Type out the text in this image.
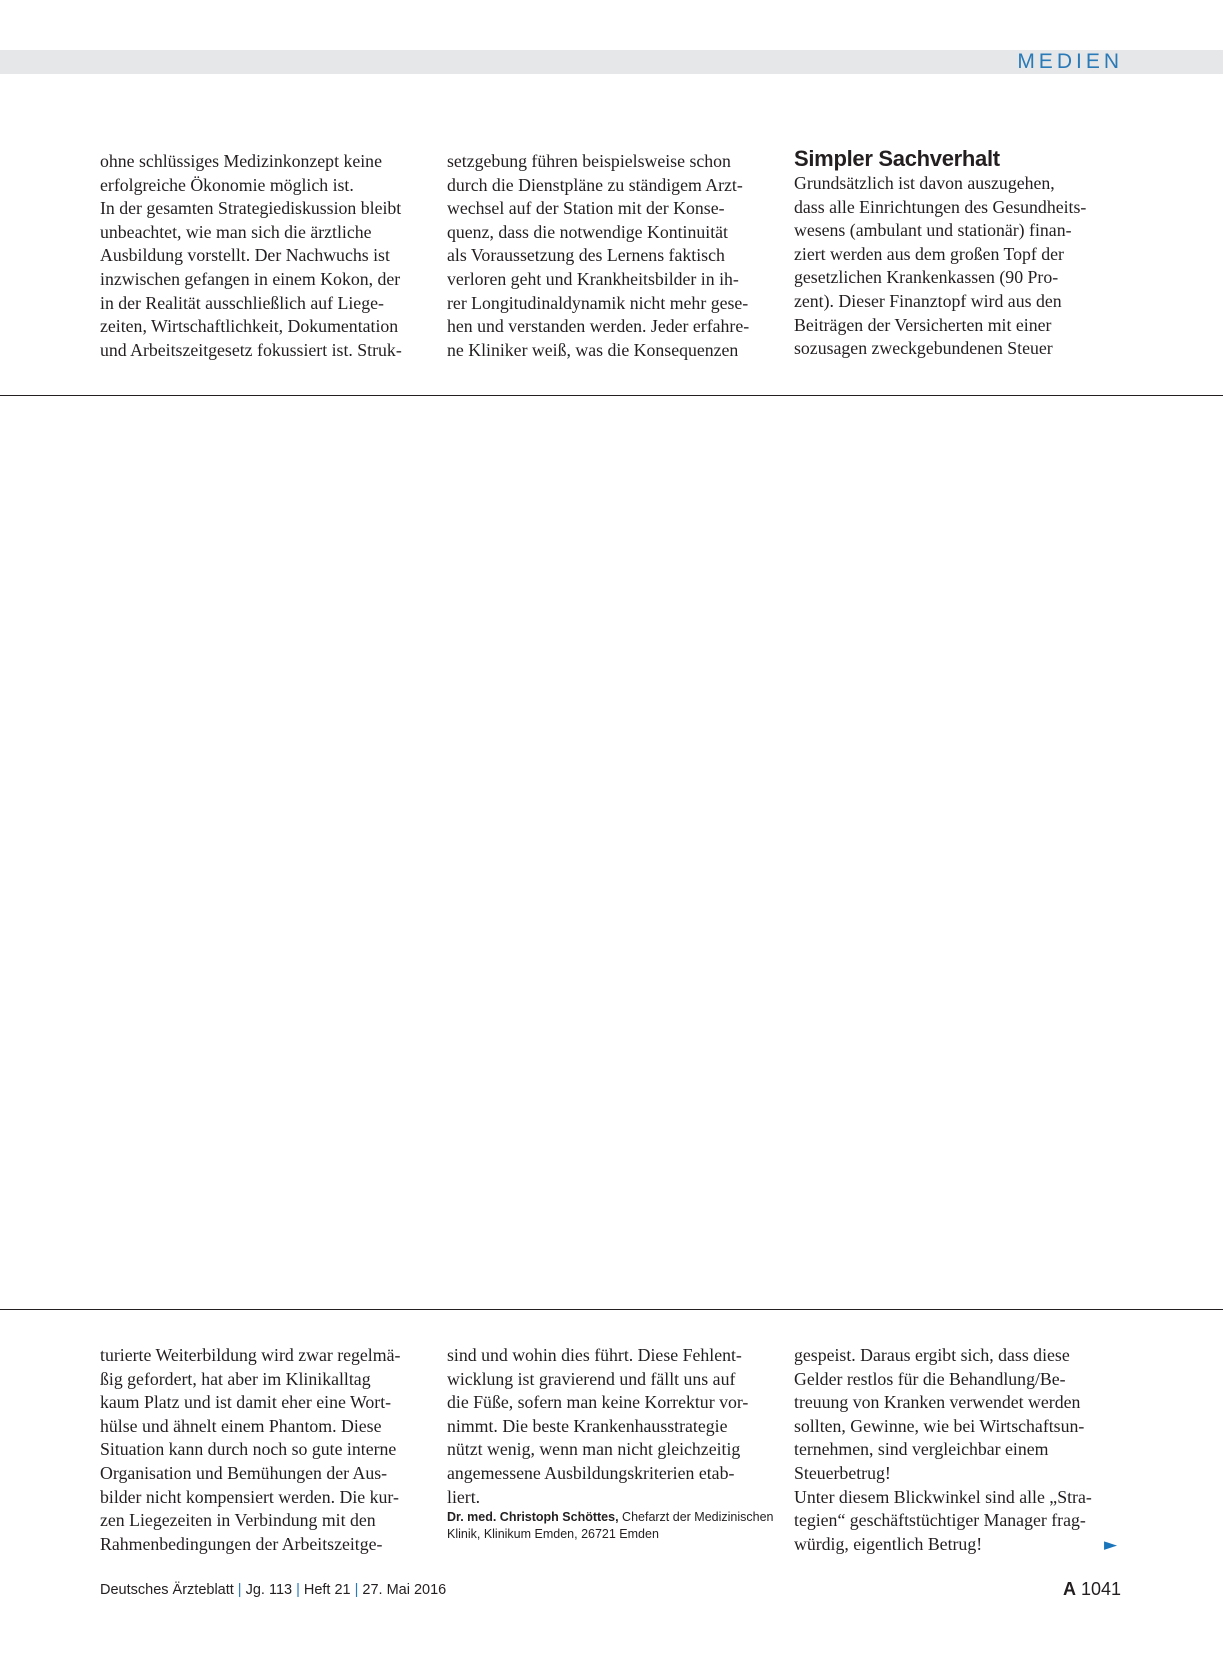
MEDIEN

ohne schlüssiges Medizinkonzept keine
erfolgreiche Ökonomie möglich ist.
In der gesamten Strategiediskussion bleibt
unbeachtet, wie man sich die ärztliche
Ausbildung vorstellt. Der Nachwuchs ist
inzwischen gefangen in einem Kokon, der
in der Realität ausschließlich auf Liege-
zeiten, Wirtschaftlichkeit, Dokumentation
und Arbeitszeitgesetz fokussiert ist. Struk-

setzgebung führen beispielsweise schon
durch die Dienstpläne zu ständigem Arzt-
wechsel auf der Station mit der Konse-
quenz, dass die notwendige Kontinuität
als Voraussetzung des Lernens faktisch
verloren geht und Krankheitsbilder in ih-
rer Longitudinaldynamik nicht mehr gese-
hen und verstanden werden. Jeder erfahre-
ne Kliniker weiß, was die Konsequenzen

Simpler Sachverhalt

Grundsätzlich ist davon auszugehen,
dass alle Einrichtungen des Gesundheits-
wesens (ambulant und stationär) finan-
ziert werden aus dem großen Topf der
gesetzlichen Krankenkassen (90 Pro-
zent). Dieser Finanztopf wird aus den
Beiträgen der Versicherten mit einer
sozusagen zweckgebundenen Steuer

turierte Weiterbildung wird zwar regelmä-
ßig gefordert, hat aber im Klinikalltag
kaum Platz und ist damit eher eine Wort-
hülse und ähnelt einem Phantom. Diese
Situation kann durch noch so gute interne
Organisation und Bemühungen der Aus-
bilder nicht kompensiert werden. Die kur-
zen Liegezeiten in Verbindung mit den
Rahmenbedingungen der Arbeitszeitge-

sind und wohin dies führt. Diese Fehlent-
wicklung ist gravierend und fällt uns auf
die Füße, sofern man keine Korrektur vor-
nimmt. Die beste Krankenhausstrategie
nützt wenig, wenn man nicht gleichzeitig
angemessene Ausbildungskriterien etab-
liert.

Dr. med. Christoph Schöttes, Chefarzt der Medizinischen
Klinik, Klinikum Emden, 26721 Emden

gespeist. Daraus ergibt sich, dass diese
Gelder restlos für die Behandlung/Be-
treuung von Kranken verwendet werden
sollten, Gewinne, wie bei Wirtschaftsun-
ternehmen, sind vergleichbar einem
Steuerbetrug!
Unter diesem Blickwinkel sind alle „Stra-
tegien“ geschäftstüchtiger Manager frag-
würdig, eigentlich Betrug!	►
Deutsches Ärzteblatt | Jg. 113 | Heft 21 | 27. Mai 2016	A 1041
